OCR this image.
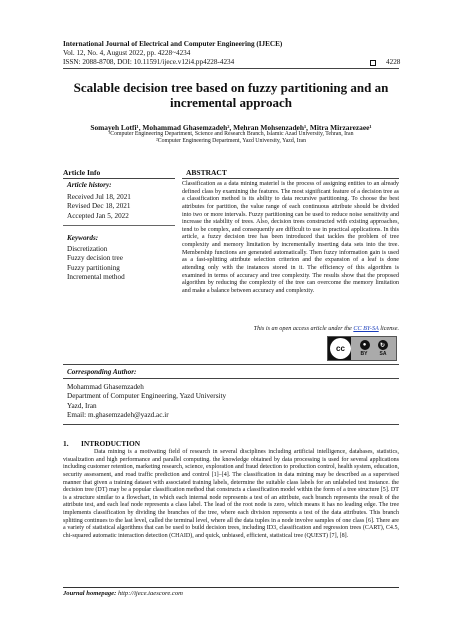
International Journal of Electrical and Computer Engineering (IJECE)
Vol. 12, No. 4, August 2022, pp. 4228~4234
ISSN: 2088-8708, DOI: 10.11591/ijece.v12i4.pp4228-4234	4228
Scalable decision tree based on fuzzy partitioning and an incremental approach
Somayeh Lotfi¹, Mohammad Ghasemzadeh², Mehran Mohsenzadeh¹, Mitra Mirzarezaee¹
¹Computer Engineering Department, Science and Research Branch, Islamic Azad University, Tehran, Iran
²Computer Engineering Department, Yazd University, Yazd, Iran
Article Info	ABSTRACT
Article history:
Received Jul 18, 2021
Revised Dec 18, 2021
Accepted Jan 5, 2022
Keywords:
Discretization
Fuzzy decision tree
Fuzzy partitioning
Incremental method
Classification as a data mining materiel is the process of assigning entities to an already defined class by examining the features. The most significant feature of a decision tree as a classification method is its ability to data recursive partitioning. To choose the best attributes for partition, the value range of each continuous attribute should be divided into two or more intervals. Fuzzy partitioning can be used to reduce noise sensitivity and increase the stability of trees. Also, decision trees constructed with existing approaches, tend to be complex, and consequently are difficult to use in practical applications. In this article, a fuzzy decision tree has been introduced that tackles the problem of tree complexity and memory limitation by incrementally inserting data sets into the tree. Membership functions are generated automatically. Then fuzzy information gain is used as a fast-splitting attribute selection criterion and the expansion of a leaf is done attending only with the instances stored in it. The efficiency of this algorithm is examined in terms of accuracy and tree complexity. The results show that the proposed algorithm by reducing the complexity of the tree can overcome the memory limitation and make a balance between accuracy and complexity.
This is an open access article under the CC BY-SA license.
cc	●	↻
BY SA
Corresponding Author:
Mohammad Ghasemzadeh
Department of Computer Engineering, Yazd University
Yazd, Iran
Email: m.ghasemzadeh@yazd.ac.ir
1. INTRODUCTION
Data mining is a motivating field of research in several disciplines including artificial intelligence, databases, statistics, visualization and high performance and parallel computing. the knowledge obtained by data processing is used for several applications including customer retention, marketing research, science, exploration and fraud detection to production control, health system, education, security assessment, and road traffic prediction and control [1]–[4]. The classification in data mining may be described as a supervised manner that given a training dataset with associated training labels, determine the suitable class labels for an unlabeled test instance. the decision tree (DT) may be a popular classification method that constructs a classification model within the form of a tree structure [5]. DT is a structure similar to a flowchart, in which each internal node represents a test of an attribute, each branch represents the result of the attribute test, and each leaf node represents a class label. The lead of the root node is zero, which means it has no leading edge. The tree implements classification by dividing the branches of the tree, where each division represents a test of the data attributes. This branch splitting continues to the last level, called the terminal level, where all the data tuples in a node involve samples of one class [6]. There are a variety of statistical algorithms that can be used to build decision trees, including ID3, classification and regression trees (CART), C4.5, chi-squared automatic interaction detection (CHAID), and quick, unbiased, efficient, statistical tree (QUEST) [7], [8].
Journal homepage: http://ijece.iaescore.com
